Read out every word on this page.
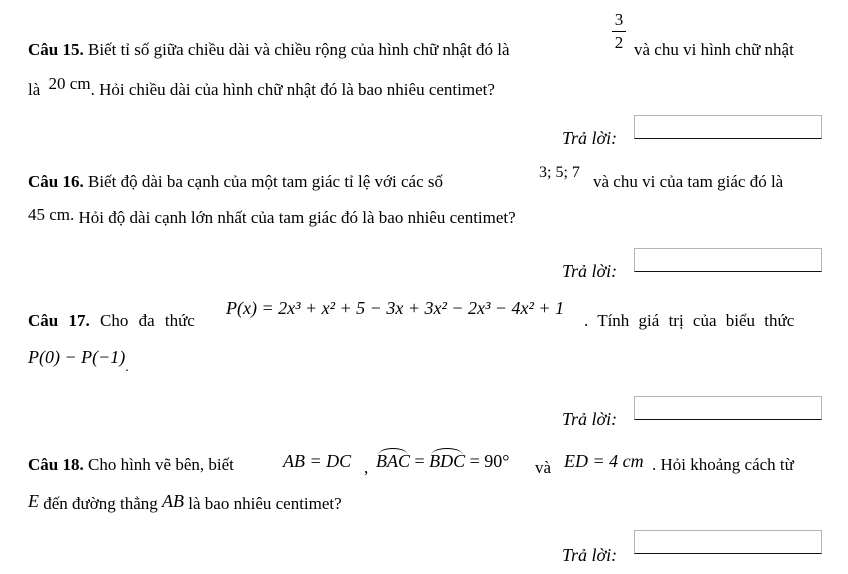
Câu 15. Biết tỉ số giữa chiều dài và chiều rộng của hình chữ nhật đó là
3
2 và chu vi hình chữ nhật
là 20 cm. Hỏi chiều dài của hình chữ nhật đó là bao nhiêu centimet?
Trả lời:
Câu 16. Biết độ dài ba cạnh của một tam giác tỉ lệ với các số	3; 5; 7 và chu vi của tam giác đó là
45 cm. Hỏi độ dài cạnh lớn nhất của tam giác đó là bao nhiêu centimet?
Trả lời:
Câu 17. Cho đa thức
P(x) = 2x³ + x² + 5 − 3x + 3x² − 2x³ − 4x² + 1
. Tính giá trị của biểu thức
$P(0) - P(-1)_.$
Trả lời:
Câu 18. Cho hình vẽ bên, biết	AB = DC , BAC = BDC = 90° và ED = 4 cm . Hỏi khoảng cách từ
E đến đường thẳng AB là bao nhiêu centimet?
Trả lời:
